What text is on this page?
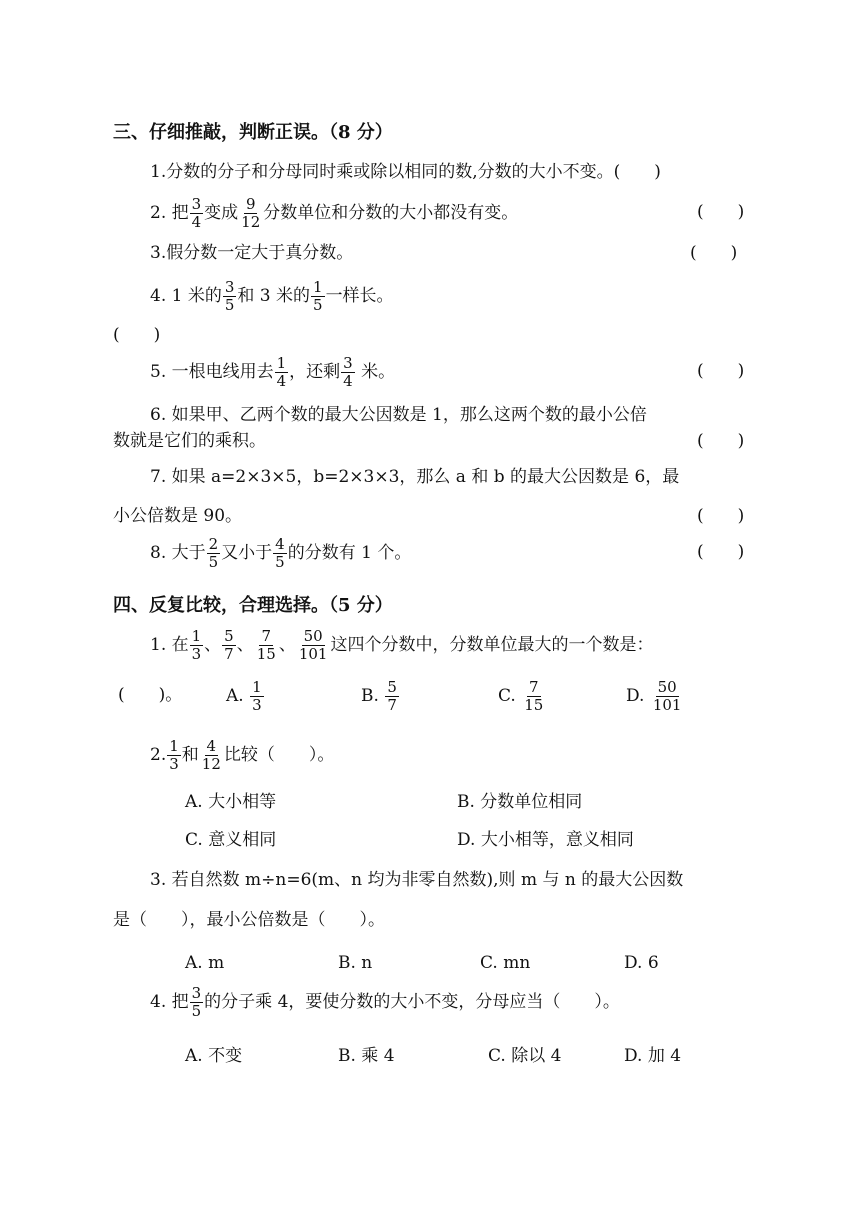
三、仔细推敲，判断正误。（8 分）
1.分数的分子和分母同时乘或除以相同的数,分数的大小不变。(　　)
2. 把 $\frac{3}{4}$ 变成 $\frac{9}{12}$ 分数单位和分数的大小都没有变。	(　　)
3.假分数一定大于真分数。	(　　)
4. 1 米的 $\frac{3}{5}$ 和 3 米的 $\frac{1}{5}$ 一样长。
(　　)
5. 一根电线用去 $\frac{1}{4}$ ，还剩 $\frac{3}{4}$ 米。	(　　)
6. 如果甲、乙两个数的最大公因数是 1，那么这两个数的最小公倍
数就是它们的乘积。	(　　)
7. 如果 a=2×3×5，b=2×3×3，那么 a 和 b 的最大公因数是 6，最
小公倍数是 90。	(　　)
8. 大于 $\frac{2}{5}$ 又小于 $\frac{4}{5}$ 的分数有 1 个。	(　　)
四、反复比较，合理选择。（5 分）
1. 在 $\frac{1}{3}$ 、 $\frac{5}{7}$ 、 $\frac{7}{15}$ 、 $\frac{50}{101}$ 这四个分数中，分数单位最大的一个数是：
(　　)。	A. $\frac{1}{3}$	B. $\frac{5}{7}$	C. $\frac{7}{15}$	D. $\frac{50}{101}$
2. $\frac{1}{3}$ 和 $\frac{4}{12}$ 比较（　　）。
A. 大小相等	B. 分数单位相同
C. 意义相同	D. 大小相等，意义相同
3. 若自然数 m÷n=6(m、n 均为非零自然数),则 m 与 n 的最大公因数
是（　　），最小公倍数是（　　）。
A. m	B. n	C. mn	D. 6
4. 把 $\frac{3}{5}$ 的分子乘 4，要使分数的大小不变，分母应当（　　）。
A. 不变	B. 乘 4	C. 除以 4	D. 加 4
